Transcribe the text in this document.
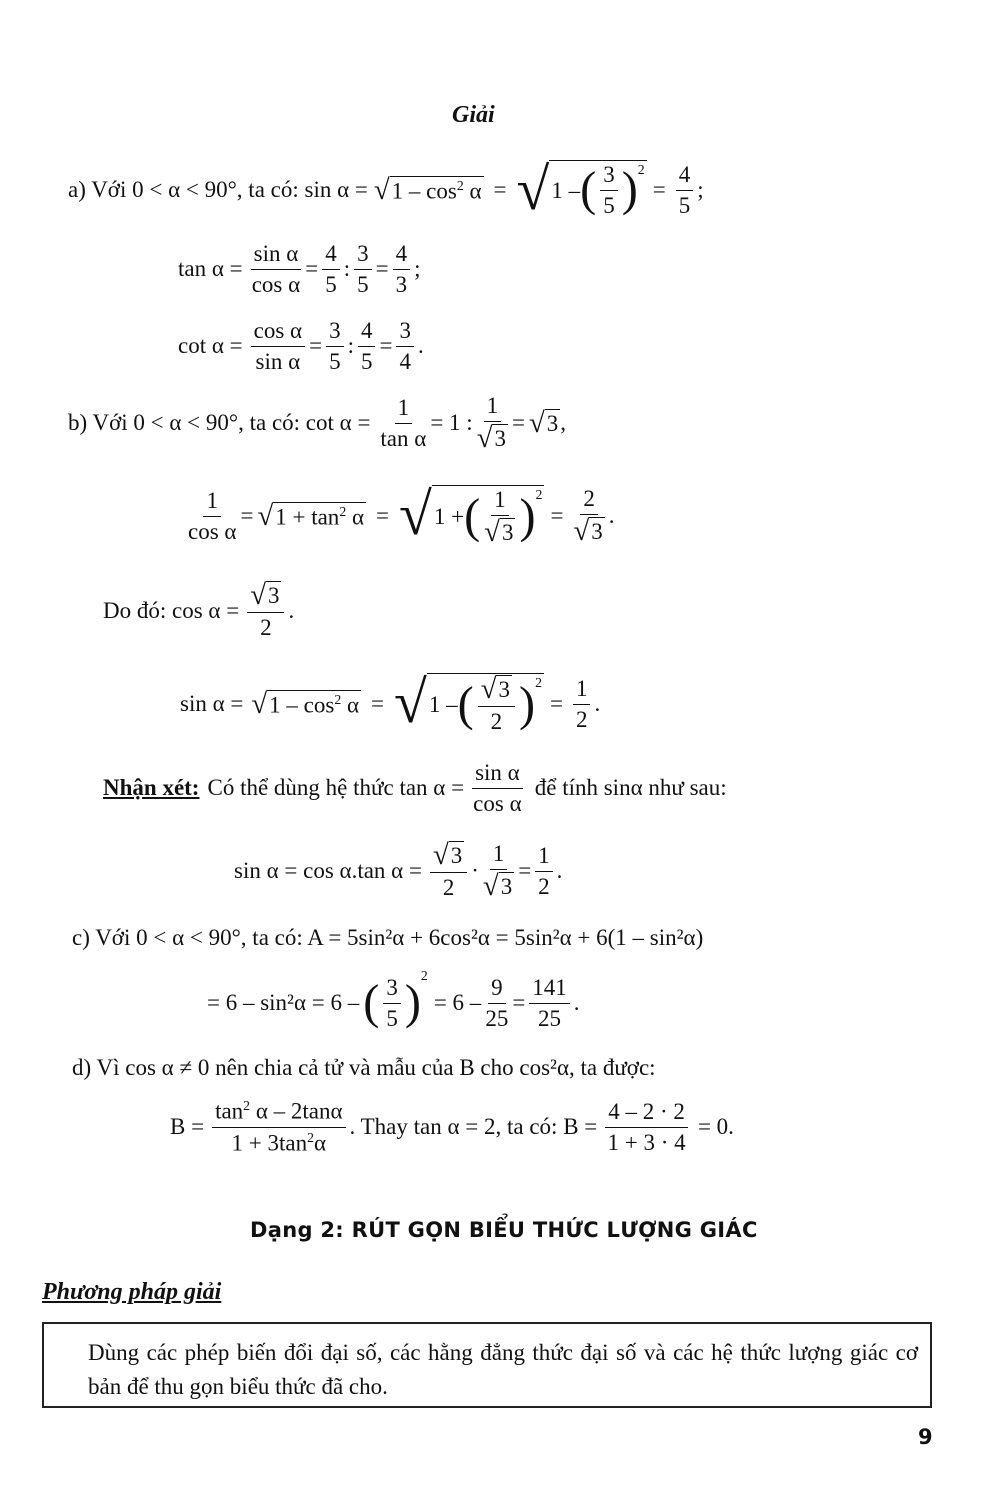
Giải
a) Với 0 < α < 90°, ta có: sin α = √ $1 - \cos^2 \alpha$ = √ 1 – ( $\frac{3}{5} )^2$
= $\frac{4}{5}$ ;
$\tan \alpha = \frac{\text{sin α}}{\text{cos α}} = \frac{4}{5}$ : $\frac{3}{5} = \frac{4}{3}$ ;
$\cot \alpha = \frac{\text{cos α}}{\text{sin α}} = \frac{3}{5}$ : $\frac{4}{5} = \frac{3}{4}$ .
b) Với 0 < α < 90°, ta có: $\cot \alpha = \frac{1}{\text{tan α}} = 1$ : $\frac{1}{√ 3}$ = √ 3 ,
$\frac{1}{\text{cos α}}$ = √ $1 + \tan^2 \alpha$ = √ 1 + ( $\frac{1}{√ 3} )^2$
= $\frac{2}{√ 3}$ .
Do đó: $\cos \alpha = \frac{√ 3}{2}$ .
sin α = √ $1 - \cos^2 \alpha$ = √ 1 – ( $\frac{√ 3}{2} )^2$
= $\frac{1}{2}$ .
Nhận xét: Có thể dùng hệ thức $\tan \alpha = \frac{\text{sin α}}{\text{cos α}}$ để tính sinα như sau:
sin α = cos α.tan $\alpha = \frac{√ 3}{2} \cdot \frac{1}{√ 3} = \frac{1}{2}$ .
c) Với 0 < α < 90°, ta có: A = 5sin²α + 6cos²α = 5sin²α + 6(1 – sin²α)
= 6 – sin²α = 6 – ( $\frac{3}{5}$ )
$^2$
= $6 - \frac{9}{25} = \frac{141}{25}$ .
d) Vì cos α ≠ 0 nên chia cả tử và mẫu của B cho cos²α, ta được:
$B = \frac{\tan^2 \alpha - 2\tan\alpha}{1 + 3\tan^2\alpha}$ . Thay tan α = 2, ta có: $B = \frac{4 - 2 \cdot 2}{1 + 3 \cdot 4} = 0$.
Dạng 2: RÚT GỌN BIỂU THỨC LƯỢNG GIÁC
Phương pháp giải
Dùng các phép biến đổi đại số, các hằng đẳng thức đại số và các hệ thức lượng giác cơ bản để thu gọn biểu thức đã cho.
9
